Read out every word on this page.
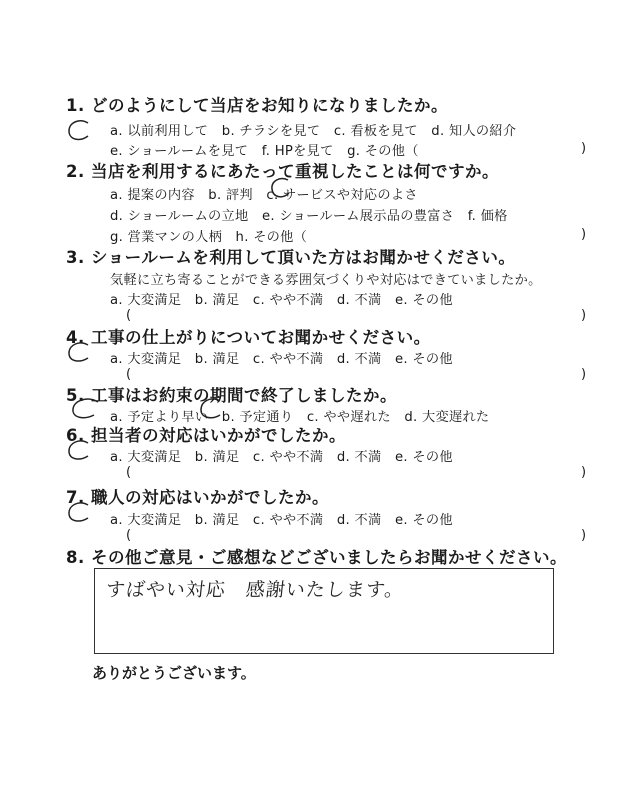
1. どのようにして当店をお知りになりましたか。
a. 以前利用して　b. チラシを見て　c. 看板を見て　d. 知人の紹介
e. ショールームを見て　f. HPを見て　g. その他（	)
2. 当店を利用するにあたって重視したことは何ですか。
a. 提案の内容　b. 評判　c. サービスや対応のよさ
d. ショールームの立地　e. ショールーム展示品の豊富さ　f. 価格
g. 営業マンの人柄　h. その他（	)
3. ショールームを利用して頂いた方はお聞かせください。
気軽に立ち寄ることができる雰囲気づくりや対応はできていましたか。
a. 大変満足　b. 満足　c. やや不満　d. 不満　e. その他
(	)
4. 工事の仕上がりについてお聞かせください。
a. 大変満足　b. 満足　c. やや不満　d. 不満　e. その他
(	)
5. 工事はお約束の期間で終了しましたか。
a. 予定より早い　b. 予定通り　c. やや遅れた　d. 大変遅れた
6. 担当者の対応はいかがでしたか。
a. 大変満足　b. 満足　c. やや不満　d. 不満　e. その他
(	)
7. 職人の対応はいかがでしたか。
a. 大変満足　b. 満足　c. やや不満　d. 不満　e. その他
(	)
8. その他ご意見・ご感想などございましたらお聞かせください。
すばやい対応　感謝いたします。
ありがとうございます。
